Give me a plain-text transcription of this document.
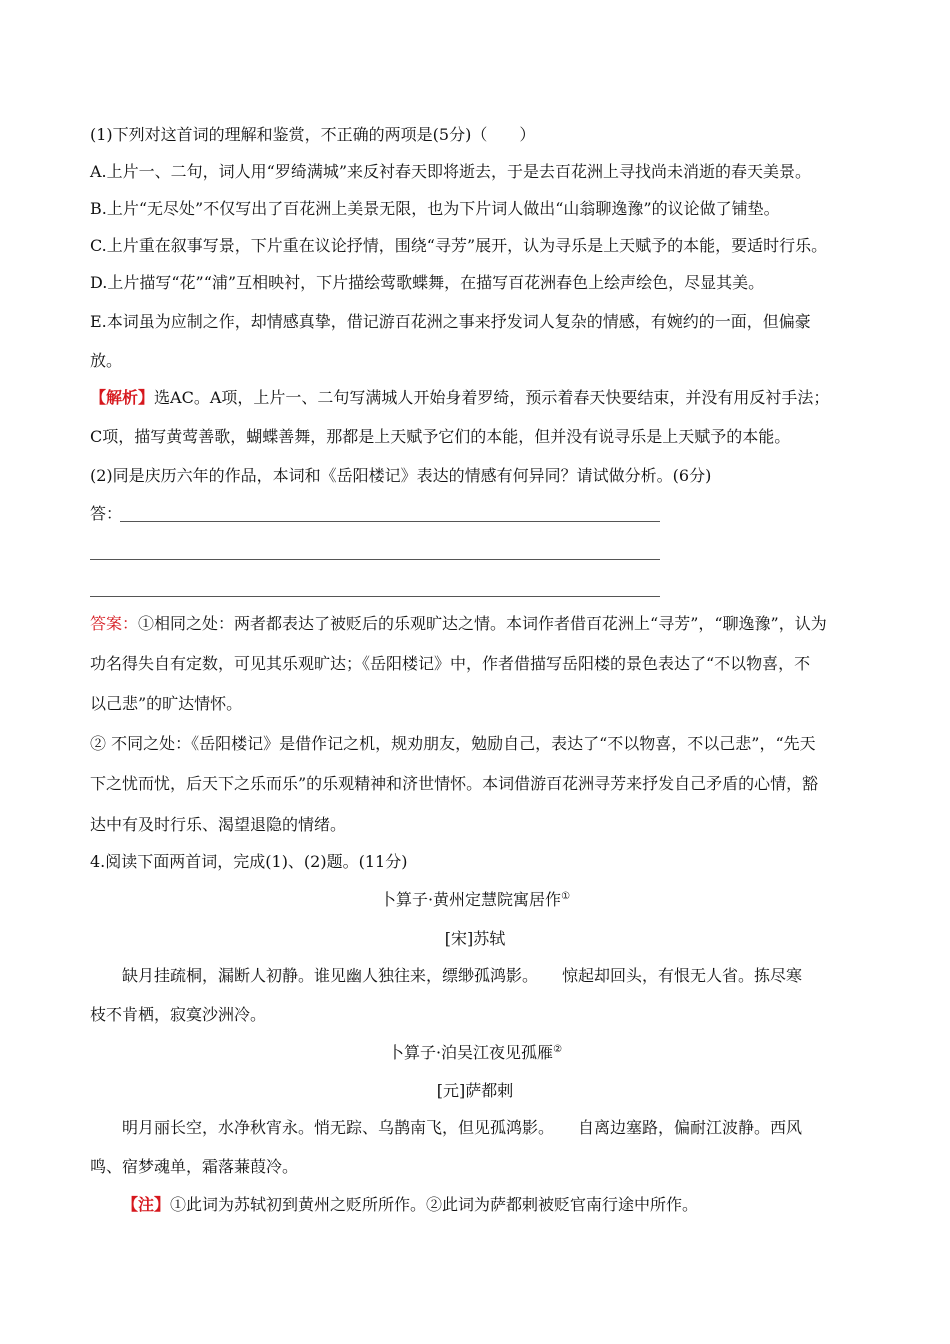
(1)下列对这首词的理解和鉴赏，不正确的两项是(5分)（　　）
A.上片一、二句，词人用“罗绮满城”来反衬春天即将逝去，于是去百花洲上寻找尚未消逝的春天美景。
B.上片“无尽处”不仅写出了百花洲上美景无限，也为下片词人做出“山翁聊逸豫”的议论做了铺垫。
C.上片重在叙事写景，下片重在议论抒情，围绕“寻芳”展开，认为寻乐是上天赋予的本能，要适时行乐。
D.上片描写“花”“浦”互相映衬，下片描绘莺歌蝶舞，在描写百花洲春色上绘声绘色，尽显其美。
E.本词虽为应制之作，却情感真挚，借记游百花洲之事来抒发词人复杂的情感，有婉约的一面，但偏豪
放。
【解析】选AC。A项，上片一、二句写满城人开始身着罗绮，预示着春天快要结束，并没有用反衬手法；
C项，描写黄莺善歌，蝴蝶善舞，那都是上天赋予它们的本能，但并没有说寻乐是上天赋予的本能。
(2)同是庆历六年的作品，本词和《岳阳楼记》表达的情感有何异同？请试做分析。(6分)
答：
答案：①相同之处：两者都表达了被贬后的乐观旷达之情。本词作者借百花洲上“寻芳”，“聊逸豫”，认为
功名得失自有定数，可见其乐观旷达；《岳阳楼记》中，作者借描写岳阳楼的景色表达了“不以物喜，不
以己悲”的旷达情怀。
② 不同之处：《岳阳楼记》是借作记之机，规劝朋友，勉励自己，表达了“不以物喜，不以己悲”，“先天
下之忧而忧，后天下之乐而乐”的乐观精神和济世情怀。本词借游百花洲寻芳来抒发自己矛盾的心情，豁
达中有及时行乐、渴望退隐的情绪。
4.阅读下面两首词，完成(1)、(2)题。(11分)
卜算子·黄州定慧院寓居作①
[宋]苏轼
缺月挂疏桐，漏断人初静。谁见幽人独往来，缥缈孤鸿影。　　惊起却回头，有恨无人省。拣尽寒
枝不肯栖，寂寞沙洲冷。
卜算子·泊吴江夜见孤雁②
[元]萨都剌
明月丽长空，水净秋宵永。悄无踪、乌鹊南飞，但见孤鸿影。　　自离边塞路，偏耐江波静。西风
鸣、宿梦魂单，霜落蒹葭冷。
【注】①此词为苏轼初到黄州之贬所所作。②此词为萨都剌被贬官南行途中所作。
